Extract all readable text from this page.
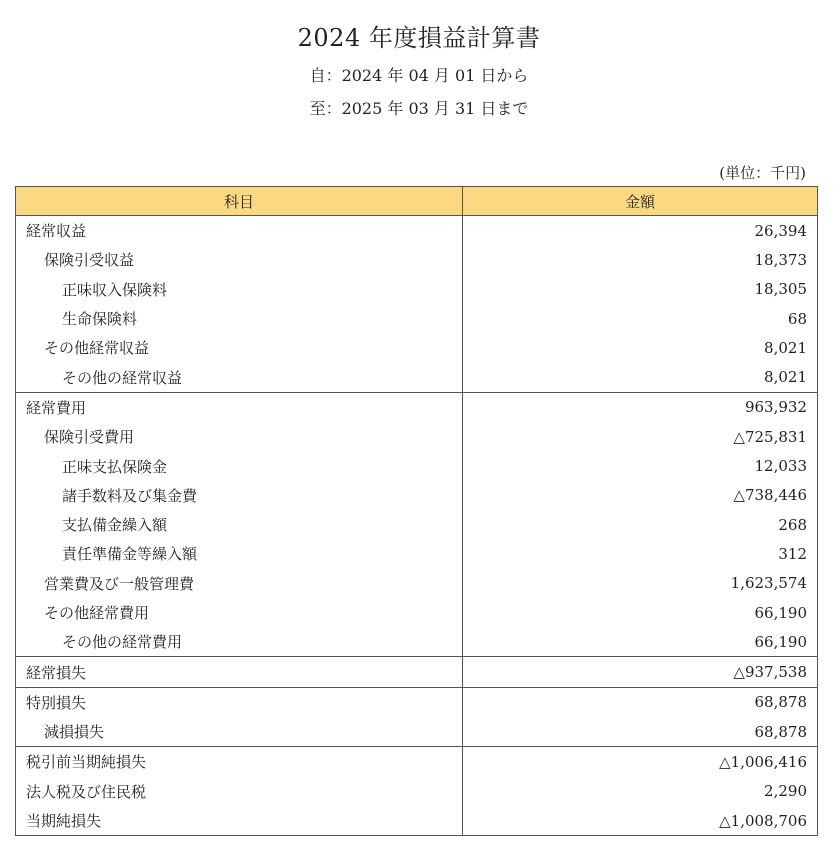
2024 年度損益計算書
自：2024 年 04 月 01 日から
至：2025 年 03 月 31 日まで
(単位：千円)
科目	金額
経常収益	26,394
保険引受収益	18,373
正味収入保険料	18,305
生命保険料	68
その他経常収益	8,021
その他の経常収益	8,021
経常費用	963,932
保険引受費用	△725,831
正味支払保険金	12,033
諸手数料及び集金費	△738,446
支払備金繰入額	268
責任準備金等繰入額	312
営業費及び一般管理費	1,623,574
その他経常費用	66,190
その他の経常費用	66,190
経常損失	△937,538
特別損失	68,878
減損損失	68,878
税引前当期純損失	△1,006,416
法人税及び住民税	2,290
当期純損失	△1,008,706
